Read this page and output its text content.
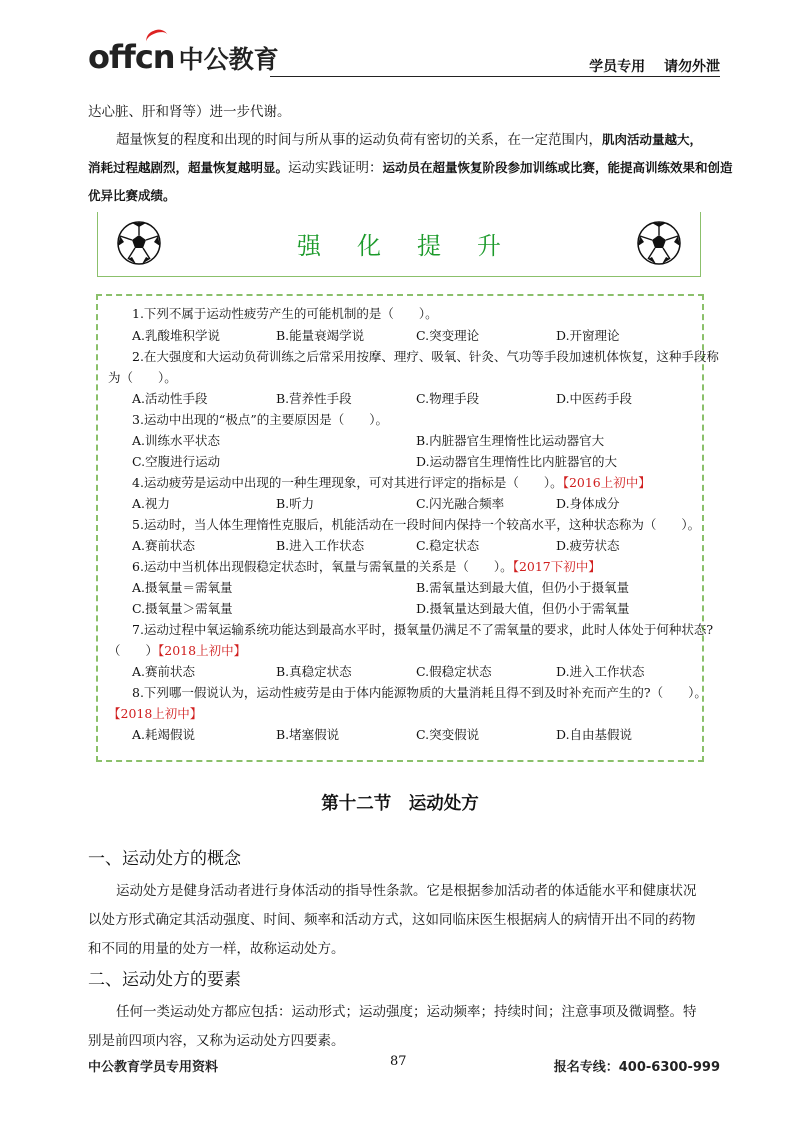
offcn 中公教育	学员专用 请勿外泄

达心脏、肝和肾等）进一步代谢。

超量恢复的程度和出现的时间与所从事的运动负荷有密切的关系，在一定范围内，肌肉活动量越大，

消耗过程越剧烈，超量恢复越明显。运动实践证明：运动员在超量恢复阶段参加训练或比赛，能提高训练效果和创造

优异比赛成绩。

强化提升
1.下列不属于运动性疲劳产生的可能机制的是（　　）。
A.乳酸堆积学说	B.能量衰竭学说	C.突变理论	D.开窗理论
2.在大强度和大运动负荷训练之后常采用按摩、理疗、吸氧、针灸、气功等手段加速机体恢复，这种手段称
为（　　）。
A.活动性手段	B.营养性手段	C.物理手段	D.中医药手段
3.运动中出现的“极点”的主要原因是（　　）。
A.训练水平状态	B.内脏器官生理惰性比运动器官大
C.空腹进行运动	D.运动器官生理惰性比内脏器官的大
4.运动疲劳是运动中出现的一种生理现象，可对其进行评定的指标是（　　）。【2016上初中】
A.视力	B.听力	C.闪光融合频率	D.身体成分
5.运动时，当人体生理惰性克服后，机能活动在一段时间内保持一个较高水平，这种状态称为（　　）。
A.赛前状态	B.进入工作状态	C.稳定状态	D.疲劳状态
6.运动中当机体出现假稳定状态时，氧量与需氧量的关系是（　　）。【2017下初中】
A.摄氧量＝需氧量	B.需氧量达到最大值，但仍小于摄氧量
C.摄氧量＞需氧量	D.摄氧量达到最大值，但仍小于需氧量
7.运动过程中氧运输系统功能达到最高水平时，摄氧量仍满足不了需氧量的要求，此时人体处于何种状态?
（　　）【2018上初中】
A.赛前状态	B.真稳定状态	C.假稳定状态	D.进入工作状态
8.下列哪一假说认为，运动性疲劳是由于体内能源物质的大量消耗且得不到及时补充而产生的?（　　）。
【2018上初中】
A.耗竭假说	B.堵塞假说	C.突变假说	D.自由基假说
第十二节　运动处方
一、运动处方的概念

运动处方是健身活动者进行身体活动的指导性条款。它是根据参加活动者的体适能水平和健康状况

以处方形式确定其活动强度、时间、频率和活动方式，这如同临床医生根据病人的病情开出不同的药物

和不同的用量的处方一样，故称运动处方。

二、运动处方的要素

任何一类运动处方都应包括：运动形式；运动强度；运动频率；持续时间；注意事项及微调整。特

别是前四项内容，又称为运动处方四要素。

中公教育学员专用资料	87	报名专线：400-6300-999
